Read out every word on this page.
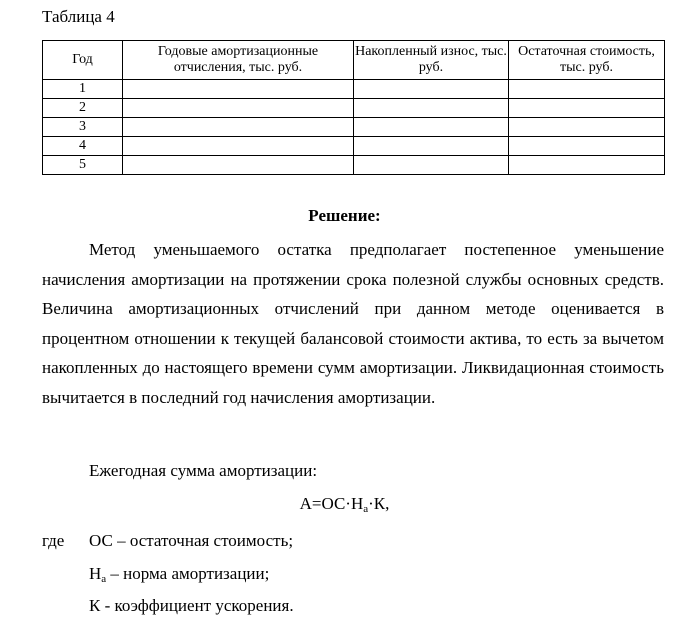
Таблица 4
Год	Годовые амортизационные отчисления, тыс. руб.	Накопленный износ, тыс. руб.	Остаточная стоимость, тыс. руб.
1			
2			
3			
4			
5			
Решение:

Метод уменьшаемого остатка предполагает постепенное уменьшение начисления амортизации на протяжении срока полезной службы основных средств. Величина амортизационных отчислений при данном методе оценивается в процентном отношении к текущей балансовой стоимости актива, то есть за вычетом накопленных до настоящего времени сумм амортизации. Ликвидационная стоимость вычитается в последний год начисления амортизации.

Ежегодная сумма амортизации:
$А=ОС\cdot Н_а\cdot К$,
где ОС – остаточная стоимость;
$Н_а$ – норма амортизации;
К - коэффициент ускорения.
